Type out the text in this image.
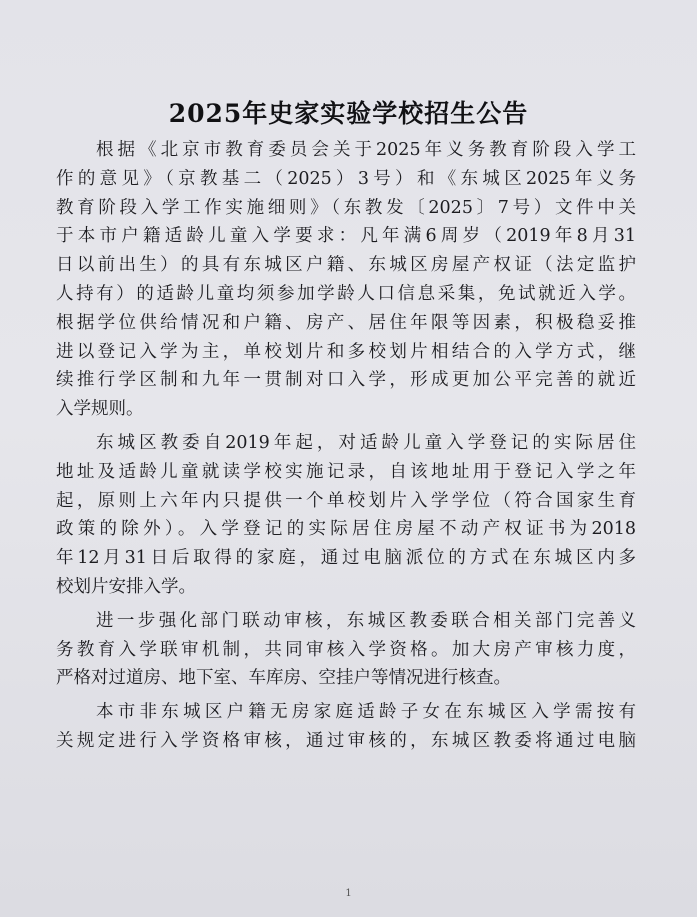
2025年史家实验学校招生公告
根据《北京市教育委员会关于2025年义务教育阶段入学工
作的意见》（京教基二（2025）3号）和《东城区2025年义务
教育阶段入学工作实施细则》（东教发〔2025〕7号）文件中关
于本市户籍适龄儿童入学要求：凡年满6周岁（2019年8月31
日以前出生）的具有东城区户籍、东城区房屋产权证（法定监护
人持有）的适龄儿童均须参加学龄人口信息采集，免试就近入学。
根据学位供给情况和户籍、房产、居住年限等因素，积极稳妥推
进以登记入学为主，单校划片和多校划片相结合的入学方式，继
续推行学区制和九年一贯制对口入学，形成更加公平完善的就近
入学规则。
东城区教委自2019年起，对适龄儿童入学登记的实际居住
地址及适龄儿童就读学校实施记录，自该地址用于登记入学之年
起，原则上六年内只提供一个单校划片入学学位（符合国家生育
政策的除外）。入学登记的实际居住房屋不动产权证书为2018
年12月31日后取得的家庭，通过电脑派位的方式在东城区内多
校划片安排入学。
进一步强化部门联动审核，东城区教委联合相关部门完善义
务教育入学联审机制，共同审核入学资格。加大房产审核力度，
严格对过道房、地下室、车库房、空挂户等情况进行核查。
本市非东城区户籍无房家庭适龄子女在东城区入学需按有
关规定进行入学资格审核，通过审核的，东城区教委将通过电脑
1
